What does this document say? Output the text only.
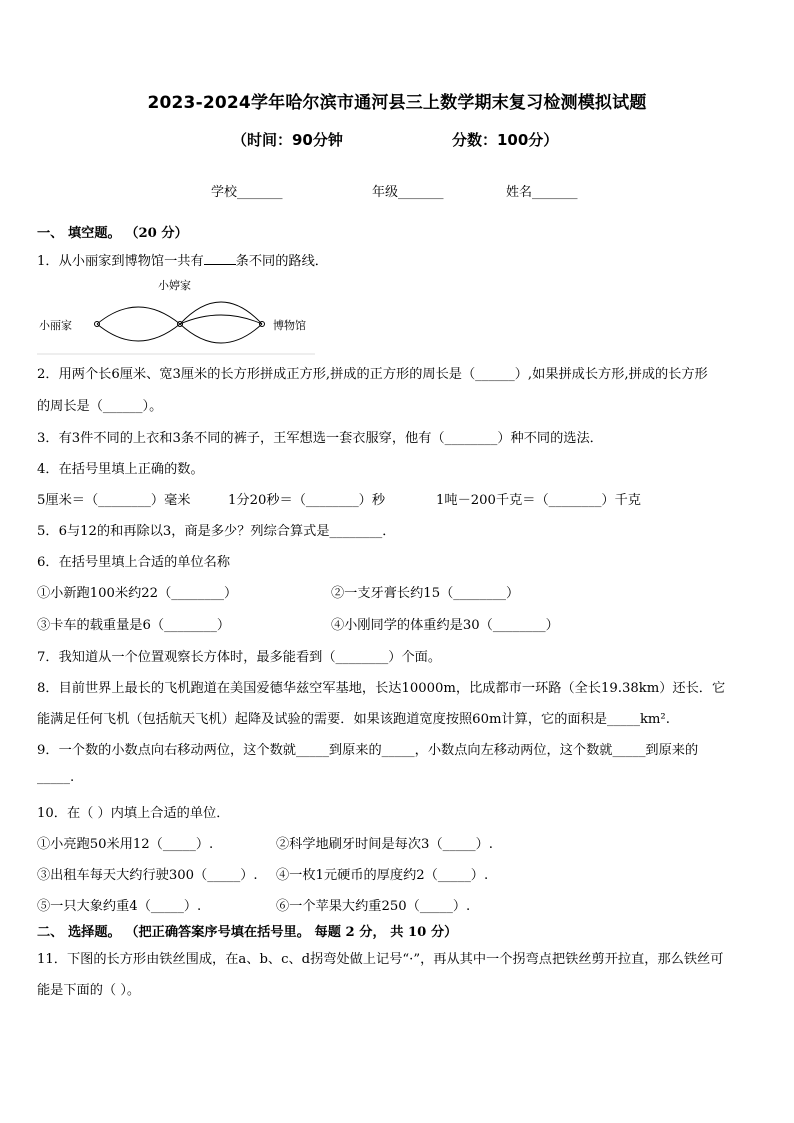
2023-2024学年哈尔滨市通河县三上数学期末复习检测模拟试题
（时间：90分钟	分数：100分）
学校_______	年级_______	姓名_______
一、 填空题。 （20 分）
1．从小丽家到博物馆一共有 条不同的路线．
小丽家
小婷家
博物馆
2．用两个长6厘米、宽3厘米的长方形拼成正方形,拼成的正方形的周长是（______）,如果拼成长方形,拼成的长方形
的周长是（______）。
3．有3件不同的上衣和3条不同的裤子，王军想选一套衣服穿，他有（________）种不同的选法．
4．在括号里填上正确的数。
5厘米＝（________）毫米	1分20秒＝（________）秒	1吨－200千克＝（________）千克
5．6与12的和再除以3，商是多少？列综合算式是________．
6．在括号里填上合适的单位名称
①小新跑100米约22（________）	②一支牙膏长约15（________）
③卡车的载重量是6（________）	④小刚同学的体重约是30（________）
7．我知道从一个位置观察长方体时，最多能看到（________）个面。
8．目前世界上最长的飞机跑道在美国爱德华兹空军基地，长达10000m，比成都市一环路（全长19.38km）还长．它
能满足任何飞机（包括航天飞机）起降及试验的需要．如果该跑道宽度按照60m计算，它的面积是_____km².
9．一个数的小数点向右移动两位，这个数就_____到原来的_____，小数点向左移动两位，这个数就_____到原来的
_____.
10．在（ ）内填上合适的单位．
①小亮跑50米用12（_____）.	②科学地刷牙时间是每次3（_____）.
③出租车每天大约行驶300（_____）. ④一枚1元硬币的厚度约2（_____）.
⑤一只大象约重4（_____）.	⑥一个苹果大约重250（_____）.
二、 选择题。 （把正确答案序号填在括号里。 每题 2 分， 共 10 分）
11．下图的长方形由铁丝围成，在a、b、c、d拐弯处做上记号“·”，再从其中一个拐弯点把铁丝剪开拉直，那么铁丝可
能是下面的（ ）。
